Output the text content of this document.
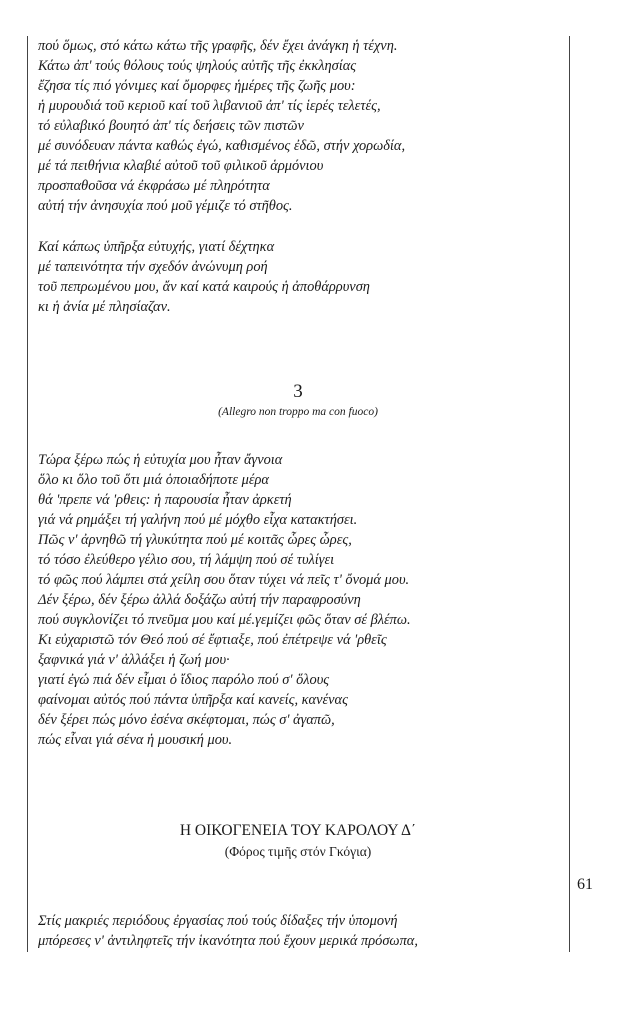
πού ὅμως, στό κάτω κάτω τῆς γραφῆς, δέν ἔχει ἀνάγκη ἡ τέχνη.
Κάτω ἀπ' τούς θόλους τούς ψηλούς αὐτῆς τῆς ἐκκλησίας
ἔζησα τίς πιό γόνιμες καί ὄμορφες ἡμέρες τῆς ζωῆς μου:
ἡ μυρουδιά τοῦ κεριοῦ καί τοῦ λιβανιοῦ ἀπ' τίς ἱερές τελετές,
τό εὐλαβικό βουητό ἀπ' τίς δεήσεις τῶν πιστῶν
μέ συνόδευαν πάντα καθώς ἐγώ, καθισμένος ἐδῶ, στήν χορωδία,
μέ τά πειθήνια κλαβιέ αὐτοῦ τοῦ φιλικοῦ ἁρμόνιου
προσπαθοῦσα νά ἐκφράσω μέ πληρότητα
αὐτή τήν ἀνησυχία πού μοῦ γέμιζε τό στῆθος.
Καί κάπως ὑπῆρξα εὐτυχής, γιατί δέχτηκα
μέ ταπεινότητα τήν σχεδόν ἀνώνυμη ροή
τοῦ πεπρωμένου μου, ἄν καί κατά καιρούς ἡ ἀποθάρρυνση
κι ἡ ἀνία μέ πλησίαζαν.
3
(Allegro non troppo ma con fuoco)
Τώρα ξέρω πώς ἡ εὐτυχία μου ἦταν ἄγνοια
ὅλο κι ὅλο τοῦ ὅτι μιά ὁποιαδήποτε μέρα
θά 'πρεπε νά 'ρθεις: ἡ παρουσία ἦταν ἀρκετή
γιά νά ρημάξει τή γαλήνη πού μέ μόχθο εἶχα κατακτήσει.
Πῶς ν' ἀρνηθῶ τή γλυκύτητα πού μέ κοιτᾶς ὧρες ὧρες,
τό τόσο ἐλεύθερο γέλιο σου, τή λάμψη πού σέ τυλίγει
τό φῶς πού λάμπει στά χείλη σου ὅταν τύχει νά πεῖς τ' ὄνομά μου.
Δέν ξέρω, δέν ξέρω ἀλλά δοξάζω αὐτή τήν παραφροσύνη
πού συγκλονίζει τό πνεῦμα μου καί μέ.γεμίζει φῶς ὅταν σέ βλέπω.
Κι εὐχαριστῶ τόν Θεό πού σέ ἔφτιαξε, πού ἐπέτρεψε νά 'ρθεῖς
ξαφνικά γιά ν' ἀλλάξει ἡ ζωή μου·
γιατί ἐγώ πιά δέν εἶμαι ὁ ἴδιος παρόλο πού σ' ὅλους
φαίνομαι αὐτός πού πάντα ὑπῆρξα καί κανείς, κανένας
δέν ξέρει πώς μόνο ἐσένα σκέφτομαι, πώς σ' ἀγαπῶ,
πώς εἶναι γιά σένα ἡ μουσική μου.
Η ΟΙΚΟΓΕΝΕΙΑ ΤΟΥ ΚΑΡΟΛΟΥ Δ΄
(Φόρος τιμῆς στόν Γκόγια)
61
Στίς μακριές περιόδους ἐργασίας πού τούς δίδαξες τήν ὑπομονή
μπόρεσες ν' ἀντιληφτεῖς τήν ἱκανότητα πού ἔχουν μερικά πρόσωπα,
